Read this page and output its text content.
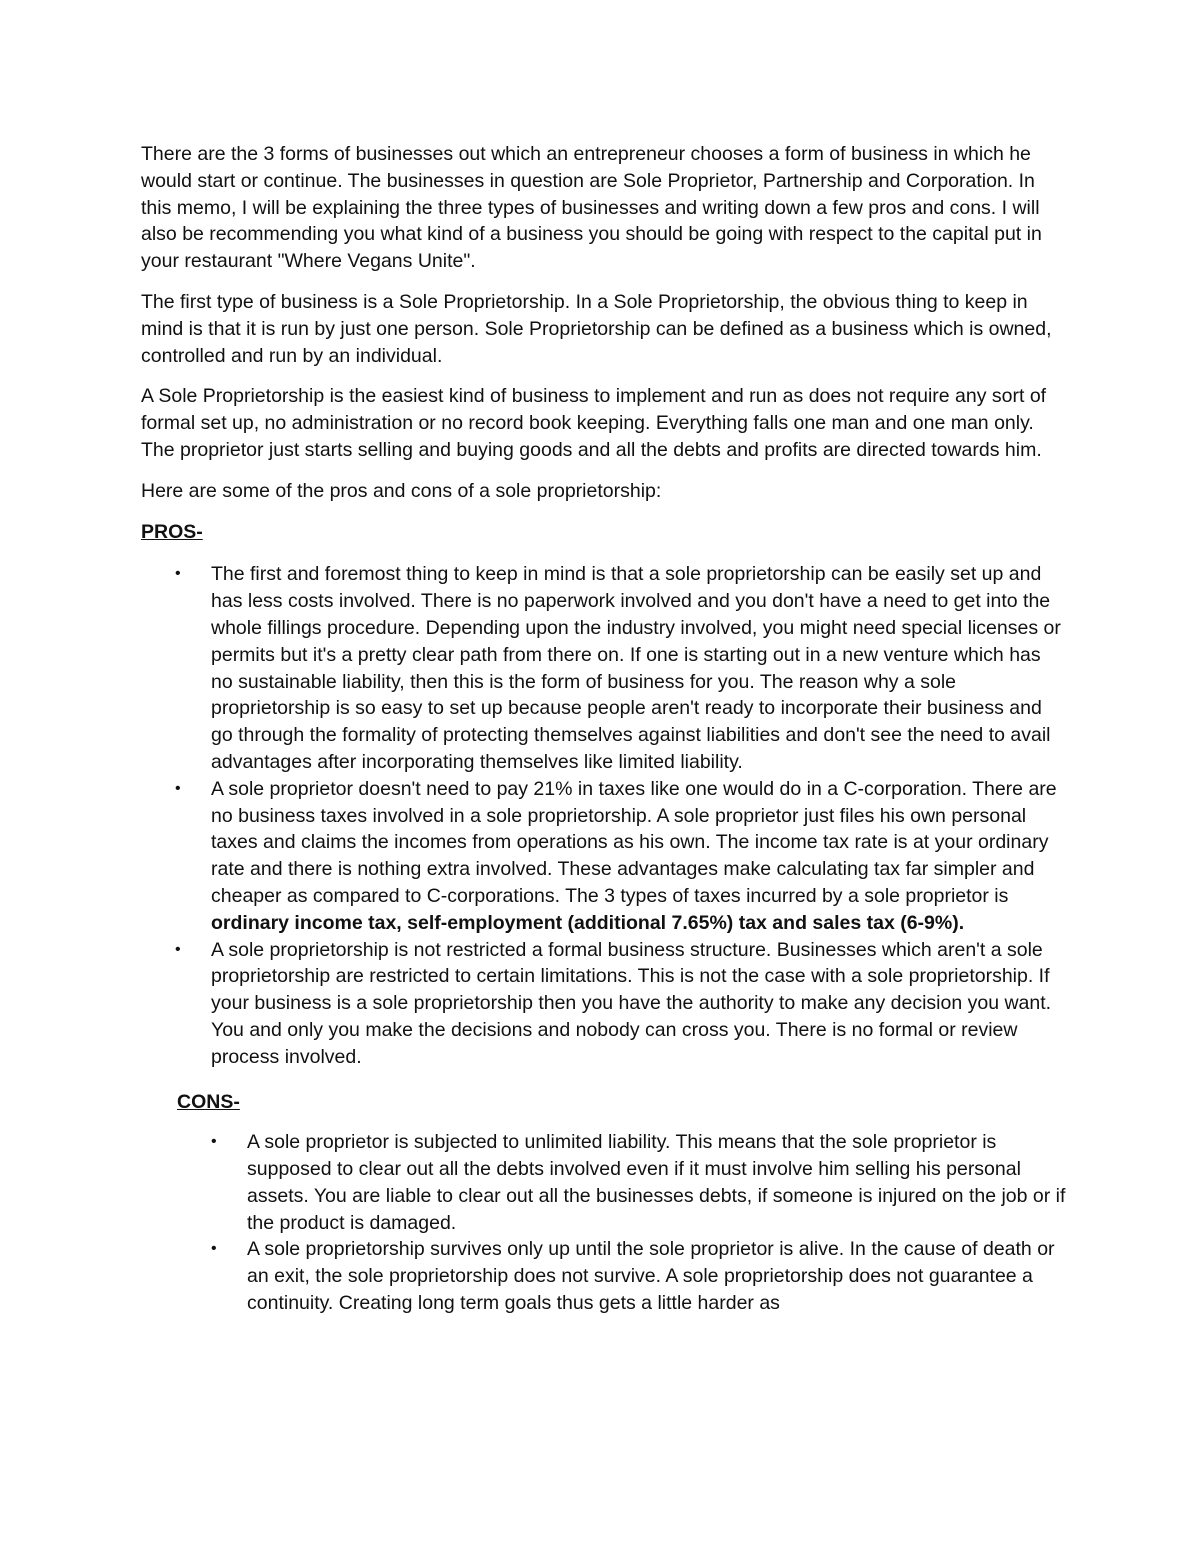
There are the 3 forms of businesses out which an entrepreneur chooses a form of business in which he would start or continue. The businesses in question are Sole Proprietor, Partnership and Corporation. In this memo, I will be explaining the three types of businesses and writing down a few pros and cons. I will also be recommending you what kind of a business you should be going with respect to the capital put in your restaurant "Where Vegans Unite".

The first type of business is a Sole Proprietorship. In a Sole Proprietorship, the obvious thing to keep in mind is that it is run by just one person. Sole Proprietorship can be defined as a business which is owned, controlled and run by an individual.

A Sole Proprietorship is the easiest kind of business to implement and run as does not require any sort of formal set up, no administration or no record book keeping. Everything falls one man and one man only. The proprietor just starts selling and buying goods and all the debts and profits are directed towards him.

Here are some of the pros and cons of a sole proprietorship:

PROS-

• The first and foremost thing to keep in mind is that a sole proprietorship can be easily set up and has less costs involved. There is no paperwork involved and you don't have a need to get into the whole fillings procedure. Depending upon the industry involved, you might need special licenses or permits but it's a pretty clear path from there on. If one is starting out in a new venture which has no sustainable liability, then this is the form of business for you. The reason why a sole proprietorship is so easy to set up because people aren't ready to incorporate their business and go through the formality of protecting themselves against liabilities and don't see the need to avail advantages after incorporating themselves like limited liability.
• A sole proprietor doesn't need to pay 21% in taxes like one would do in a C-corporation. There are no business taxes involved in a sole proprietorship. A sole proprietor just files his own personal taxes and claims the incomes from operations as his own. The income tax rate is at your ordinary rate and there is nothing extra involved. These advantages make calculating tax far simpler and cheaper as compared to C-corporations. The 3 types of taxes incurred by a sole proprietor is ordinary income tax, self-employment (additional 7.65%) tax and sales tax (6-9%).
• A sole proprietorship is not restricted a formal business structure. Businesses which aren't a sole proprietorship are restricted to certain limitations. This is not the case with a sole proprietorship. If your business is a sole proprietorship then you have the authority to make any decision you want. You and only you make the decisions and nobody can cross you. There is no formal or review process involved.

CONS-

• A sole proprietor is subjected to unlimited liability. This means that the sole proprietor is supposed to clear out all the debts involved even if it must involve him selling his personal assets. You are liable to clear out all the businesses debts, if someone is injured on the job or if the product is damaged.
• A sole proprietorship survives only up until the sole proprietor is alive. In the cause of death or an exit, the sole proprietorship does not survive. A sole proprietorship does not guarantee a continuity. Creating long term goals thus gets a little harder as
